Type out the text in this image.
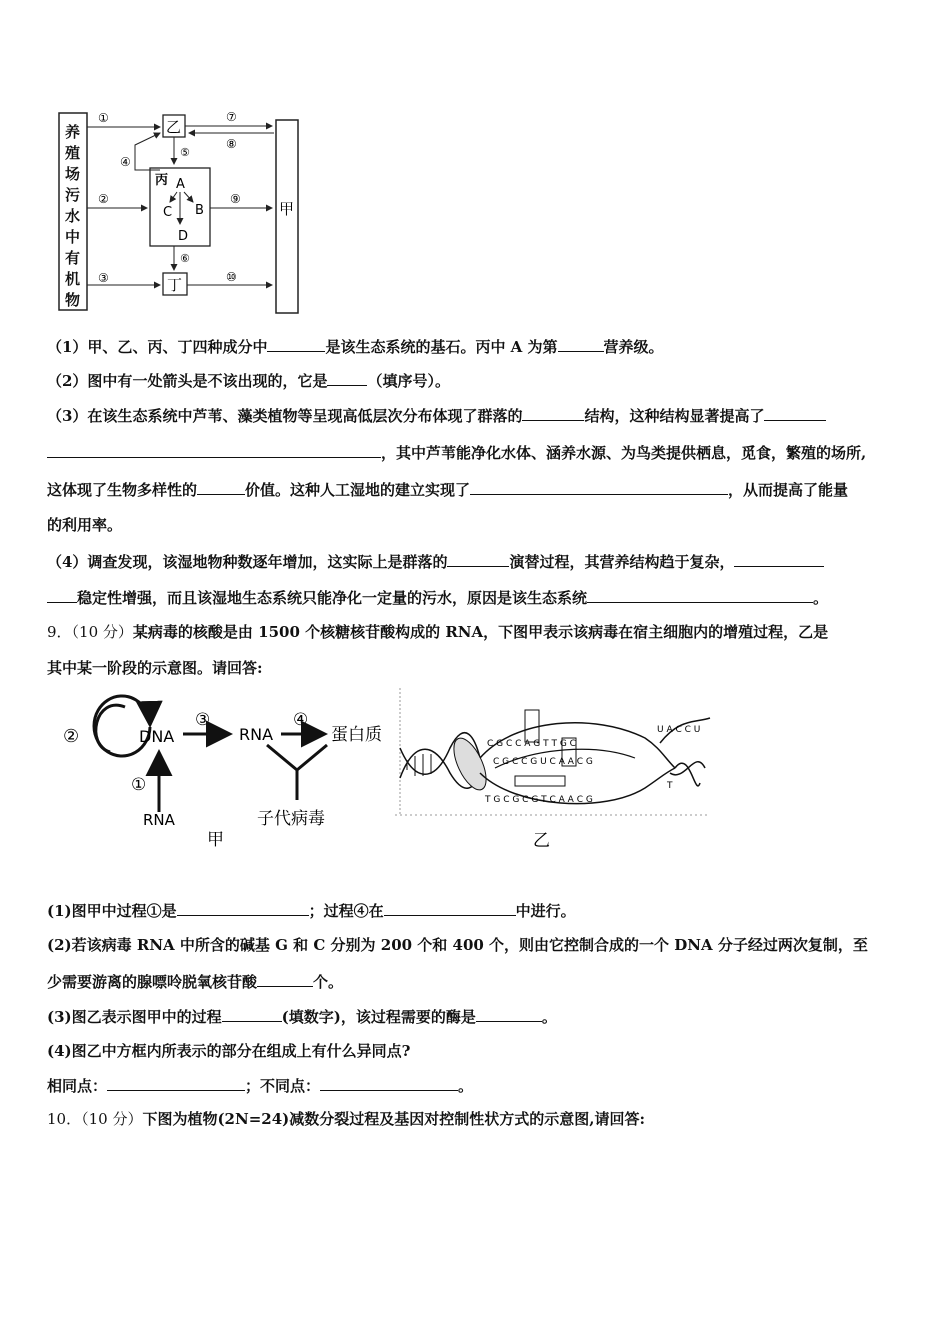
养
殖
场
污
水
中
有
机
物
乙
丙 A
C B
D
丁
甲
①
②
③
④
⑤
⑥
⑦
⑧
⑨
⑩
（1）甲、乙、丙、丁四种成分中	是该生态系统的基石。丙中 A 为第	营养级。
（2）图中有一处箭头是不该出现的，它是	（填序号）。
（3）在该生态系统中芦苇、藻类植物等呈现高低层次分布体现了群落的	结构，这种结构显著提高了
，其中芦苇能净化水体、涵养水源、为鸟类提供栖息，觅食，繁殖的场所,
这体现了生物多样性的	价值。这种人工湿地的建立实现了	，从而提高了能量
的利用率。
（4）调查发现，该湿地物种数逐年增加，这实际上是群落的	演替过程，其营养结构趋于复杂，
稳定性增强，而且该湿地生态系统只能净化一定量的污水，原因是该生态系统	。
9．（10 分）某病毒的核酸是由 1500 个核糖核苷酸构成的 RNA，下图甲表示该病毒在宿主细胞内的增殖过程，乙是
其中某一阶段的示意图。请回答:
②	DNA
①
RNA
③
RNA
④
蛋白质
子代病毒
甲
C G C C A G T T G C
C G C C G U C A A C G
T G C G C G T C A A C G
U A C C U
T
乙
(1)图甲中过程①是	；过程④在	中进行。
(2)若该病毒 RNA 中所含的碱基 G 和 C 分别为 200 个和 400 个，则由它控制合成的一个 DNA 分子经过两次复制，至
少需要游离的腺嘌呤脱氧核苷酸	个。
(3)图乙表示图甲中的过程	(填数字)，该过程需要的酶是	。
(4)图乙中方框内所表示的部分在组成上有什么异同点?
相同点：	；不同点：	。
10．（10 分）下图为植物(2N=24)减数分裂过程及基因对控制性状方式的示意图,请回答:
